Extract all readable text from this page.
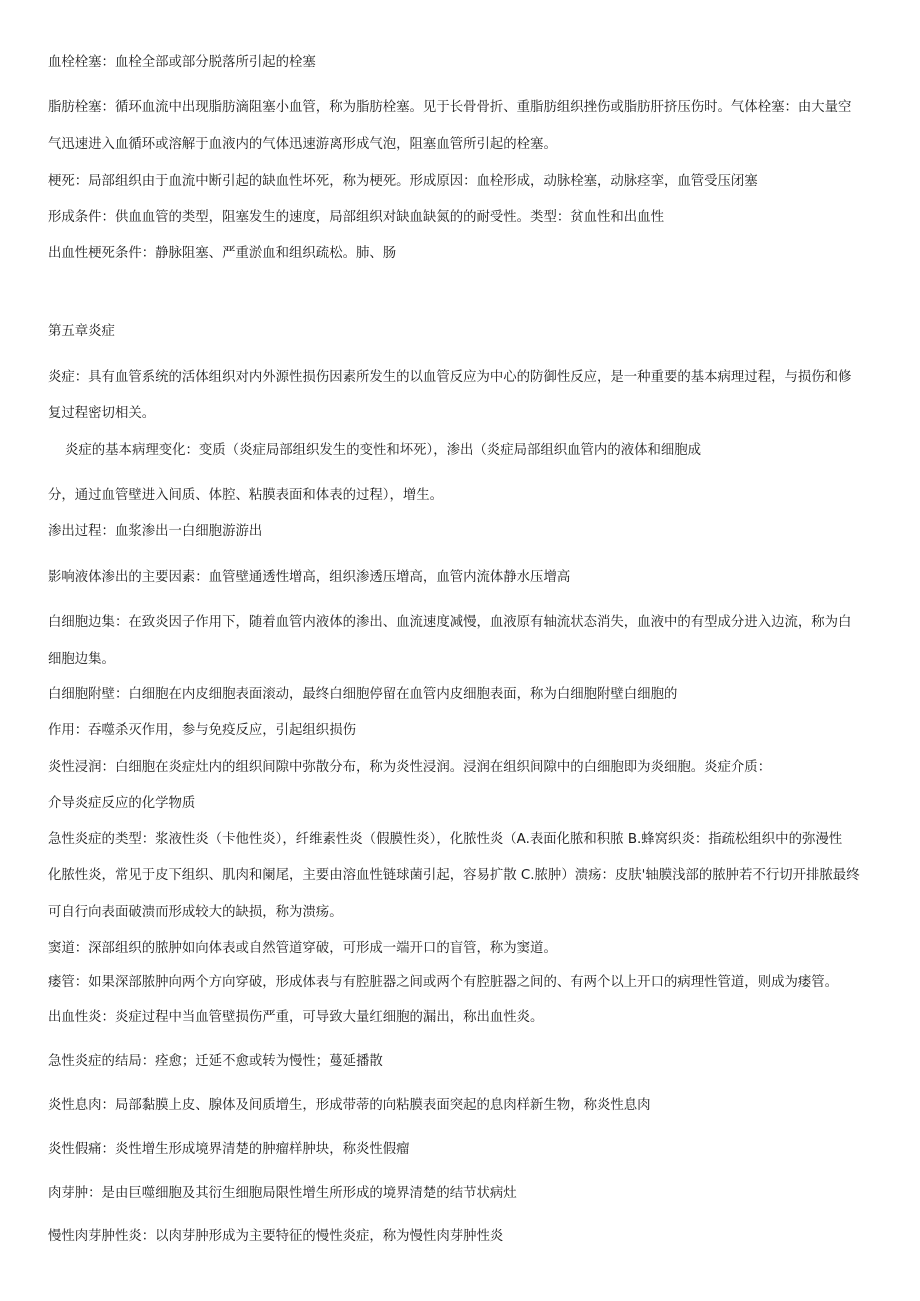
血栓栓塞：血栓全部或部分脱落所引起的栓塞
脂肪栓塞：循环血流中出现脂肪滴阻塞小血管，称为脂肪栓塞。见于长骨骨折、重脂肪组织挫伤或脂肪肝挤压伤时。气体栓塞：由大量空
气迅速进入血循环或溶解于血液内的气体迅速游离形成气泡，阻塞血管所引起的栓塞。
梗死：局部组织由于血流中断引起的缺血性坏死，称为梗死。形成原因：血栓形成，动脉栓塞，动脉痉挛，血管受压闭塞
形成条件：供血血管的类型，阻塞发生的速度，局部组织对缺血缺氮的的耐受性。类型：贫血性和出血性
出血性梗死条件：静脉阻塞、严重淤血和组织疏松。肺、肠
第五章炎症
炎症：具有血管系统的活体组织对内外源性损伤因素所发生的以血管反应为中心的防御性反应，是一种重要的基本病理过程，与损伤和修
复过程密切相关。
炎症的基本病理变化：变质（炎症局部组织发生的变性和坏死），渗出（炎症局部组织血管内的液体和细胞成
分，通过血管壁进入间质、体腔、粘膜表面和体表的过程），增生。
渗出过程：血浆渗出一白细胞游游出
影响液体渗出的主要因素：血管壁通透性增高，组织渗透压增高，血管内流体静水压增高
白细胞边集：在致炎因子作用下，随着血管内液体的渗出、血流速度减慢，血液原有轴流状态消失，血液中的有型成分进入边流，称为白
细胞边集。
白细胞附壁：白细胞在内皮细胞表面滚动，最终白细胞停留在血管内皮细胞表面，称为白细胞附壁白细胞的
作用：吞噬杀灭作用，参与免疫反应，引起组织损伤
炎性浸润：白细胞在炎症灶内的组织间隙中弥散分布，称为炎性浸润。浸润在组织间隙中的白细胞即为炎细胞。炎症介质：
介导炎症反应的化学物质
急性炎症的类型：浆液性炎（卡他性炎），纤维素性炎（假膜性炎），化脓性炎（A.表面化脓和积脓 B.蜂窝织炎：指疏松组织中的弥漫性
化脓性炎，常见于皮下组织、肌肉和阑尾，主要由溶血性链球菌引起，容易扩散 C.脓肿）溃疡：皮肤'轴膜浅部的脓肿若不行切开排脓最终
可自行向表面破溃而形成较大的缺损，称为溃疡。
窦道：深部组织的脓肿如向体表或自然管道穿破，可形成一端开口的盲管，称为窦道。
瘘管：如果深部脓肿向两个方向穿破，形成体表与有腔脏器之间或两个有腔脏器之间的、有两个以上开口的病理性管道，则成为瘘管。
出血性炎：炎症过程中当血管壁损伤严重，可导致大量红细胞的漏出，称出血性炎。
急性炎症的结局：痊愈；迁延不愈或转为慢性；蔓延播散
炎性息肉：局部黏膜上皮、腺体及间质增生，形成带蒂的向粘膜表面突起的息肉样新生物，称炎性息肉
炎性假痛：炎性增生形成境界清楚的肿瘤样肿块，称炎性假瘤
肉芽肿：是由巨噬细胞及其衍生细胞局限性增生所形成的境界清楚的结节状病灶
慢性肉芽肿性炎：以肉芽肿形成为主要特征的慢性炎症，称为慢性肉芽肿性炎
